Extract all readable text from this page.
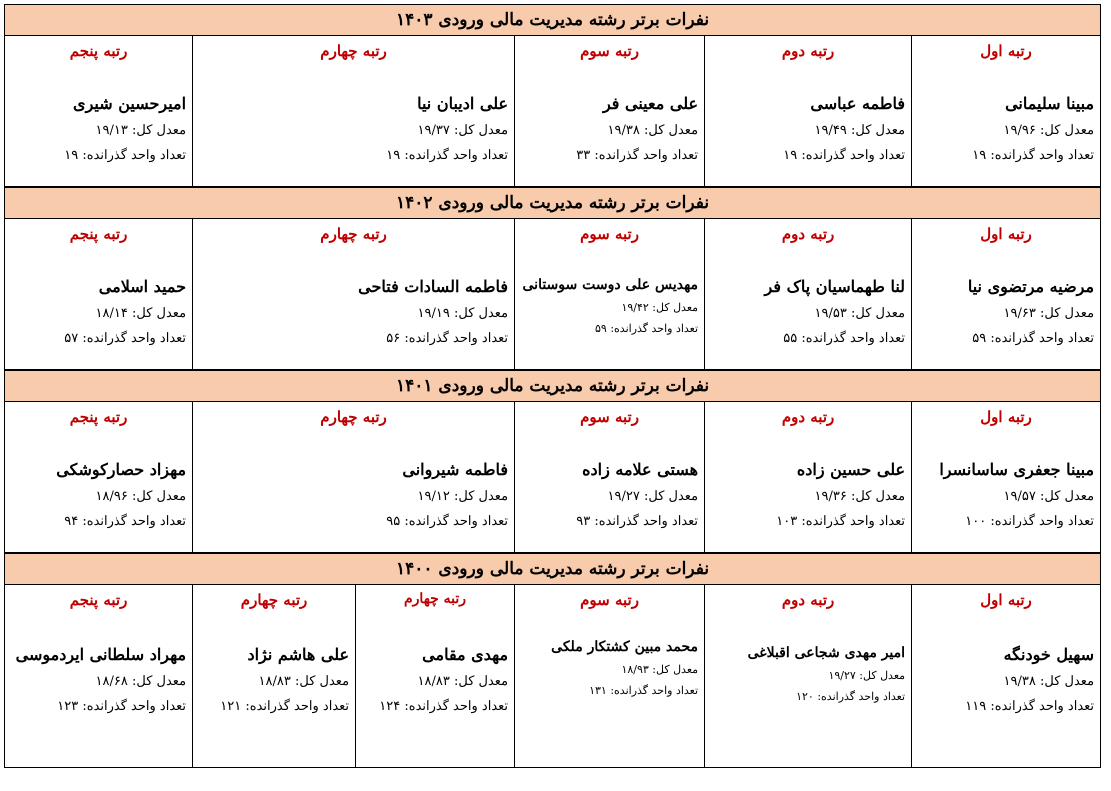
نفرات برتر رشته مدیریت مالی ورودی ۱۴۰۳

رتبه اول
مبینا سلیمانی
معدل کل: ۱۹/۹۶
تعداد واحد گذرانده: ۱۹

رتبه دوم
فاطمه عباسی
معدل کل: ۱۹/۴۹
تعداد واحد گذرانده: ۱۹

رتبه سوم
علی معینی فر
معدل کل: ۱۹/۳۸
تعداد واحد گذرانده: ۳۳

رتبه چهارم
علی ادیبان نیا
معدل کل: ۱۹/۳۷
تعداد واحد گذرانده: ۱۹

رتبه پنجم
امیرحسین شیری
معدل کل: ۱۹/۱۳
تعداد واحد گذرانده: ۱۹
نفرات برتر رشته مدیریت مالی ورودی ۱۴۰۲

رتبه اول
مرضیه مرتضوی نیا
معدل کل: ۱۹/۶۳
تعداد واحد گذرانده: ۵۹

رتبه دوم
لنا طهماسیان پاک فر
معدل کل: ۱۹/۵۳
تعداد واحد گذرانده: ۵۵

رتبه سوم
مهدیس علی دوست سوستانی
معدل کل: ۱۹/۴۲
تعداد واحد گذرانده: ۵۹

رتبه چهارم
فاطمه السادات فتاحی
معدل کل: ۱۹/۱۹
تعداد واحد گذرانده: ۵۶

رتبه پنجم
حمید اسلامی
معدل کل: ۱۸/۱۴
تعداد واحد گذرانده: ۵۷
نفرات برتر رشته مدیریت مالی ورودی ۱۴۰۱

رتبه اول
مبینا جعفری ساسانسرا
معدل کل: ۱۹/۵۷
تعداد واحد گذرانده: ۱۰۰

رتبه دوم
علی حسین زاده
معدل کل: ۱۹/۳۶
تعداد واحد گذرانده: ۱۰۳

رتبه سوم
هستی علامه زاده
معدل کل: ۱۹/۲۷
تعداد واحد گذرانده: ۹۳

رتبه چهارم
فاطمه شیروانی
معدل کل: ۱۹/۱۲
تعداد واحد گذرانده: ۹۵

رتبه پنجم
مهزاد حصارکوشکی
معدل کل: ۱۸/۹۶
تعداد واحد گذرانده: ۹۴
نفرات برتر رشته مدیریت مالی ورودی ۱۴۰۰

رتبه اول
سهیل خودنگه
معدل کل: ۱۹/۳۸
تعداد واحد گذرانده: ۱۱۹

رتبه دوم
امیر مهدی شجاعی اقبلاغی
معدل کل: ۱۹/۲۷
تعداد واحد گذرانده: ۱۲۰

رتبه سوم
محمد مبین کشتکار ملکی
معدل کل: ۱۸/۹۳
تعداد واحد گذرانده: ۱۳۱

رتبه چهارم
مهدی مقامی
معدل کل: ۱۸/۸۳
تعداد واحد گذرانده: ۱۲۴

رتبه چهارم
علی هاشم نژاد
معدل کل: ۱۸/۸۳
تعداد واحد گذرانده: ۱۲۱

رتبه پنجم
مهراد سلطانی ایردموسی
معدل کل: ۱۸/۶۸
تعداد واحد گذرانده: ۱۲۳
